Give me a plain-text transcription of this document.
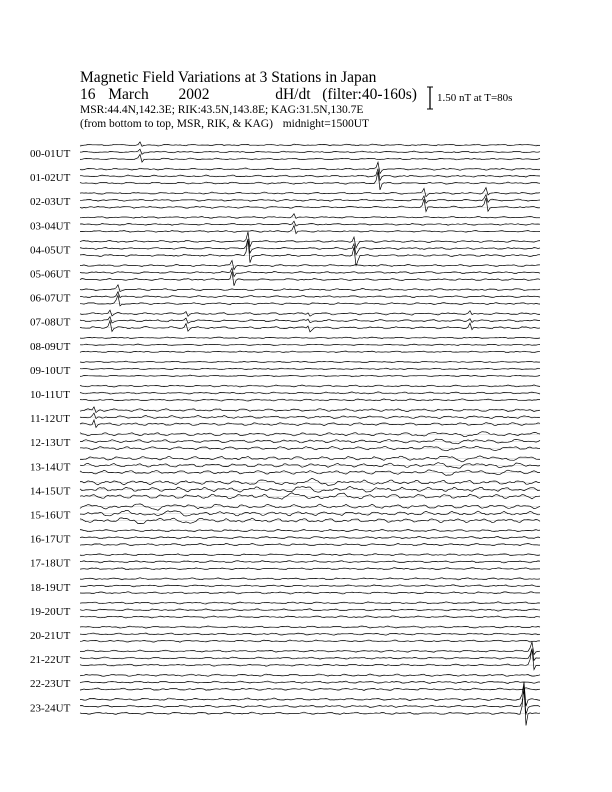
Magnetic Field Variations at 3 Stations in Japan
16 March 2002	dH/dt (filter:40-160s)
MSR:44.4N,142.3E; RIK:43.5N,143.8E; KAG:31.5N,130.7E
(from bottom to top, MSR, RIK, & KAG) midnight=1500UT
1.50 nT at T=80s
00-01UT
01-02UT
02-03UT
03-04UT
04-05UT
05-06UT
06-07UT
07-08UT
08-09UT
09-10UT
10-11UT
11-12UT
12-13UT
13-14UT
14-15UT
15-16UT
16-17UT
17-18UT
18-19UT
19-20UT
20-21UT
21-22UT
22-23UT
23-24UT
